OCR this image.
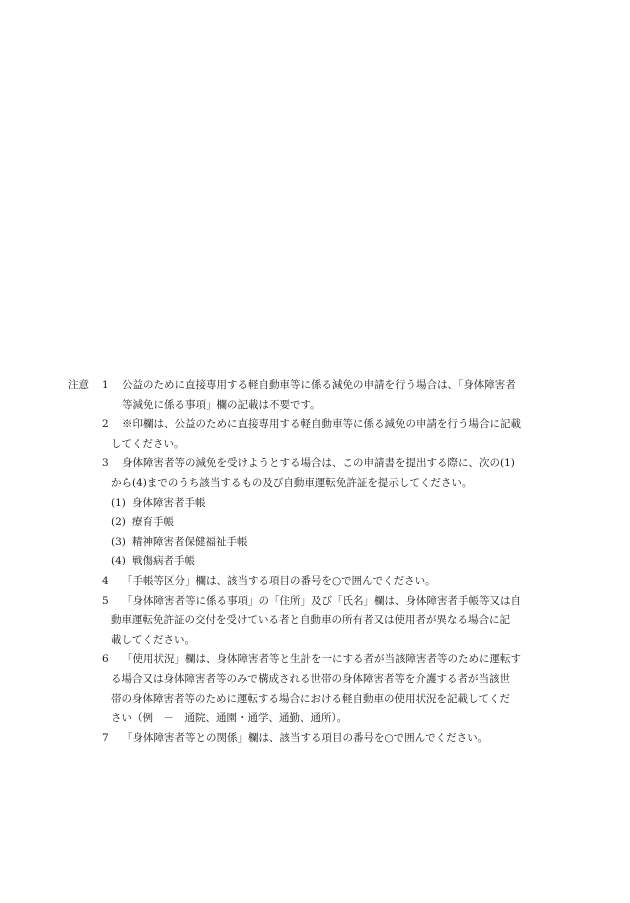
注意 1 公益のために直接専用する軽自動車等に係る減免の申請を行う場合は、「身体障害者
等減免に係る事項」欄の記載は不要です。
2 ※印欄は、公益のために直接専用する軽自動車等に係る減免の申請を行う場合に記載
してください。
3 身体障害者等の減免を受けようとする場合は、この申請書を提出する際に、次の(1)
から(4)までのうち該当するもの及び自動車運転免許証を提示してください。
(1) 身体障害者手帳
(2) 療育手帳
(3) 精神障害者保健福祉手帳
(4) 戦傷病者手帳
4 「手帳等区分」欄は、該当する項目の番号を○で囲んでください。
5 「身体障害者等に係る事項」の「住所」及び「氏名」欄は、身体障害者手帳等又は自
動車運転免許証の交付を受けている者と自動車の所有者又は使用者が異なる場合に記
載してください。
6 「使用状況」欄は、身体障害者等と生計を一にする者が当該障害者等のために運転す
る場合又は身体障害者等のみで構成される世帯の身体障害者等を介護する者が当該世
帯の身体障害者等のために運転する場合における軽自動車の使用状況を記載してくだ
さい（例　－　通院、通園・通学、通勤、通所）。
7 「身体障害者等との関係」欄は、該当する項目の番号を○で囲んでください。
